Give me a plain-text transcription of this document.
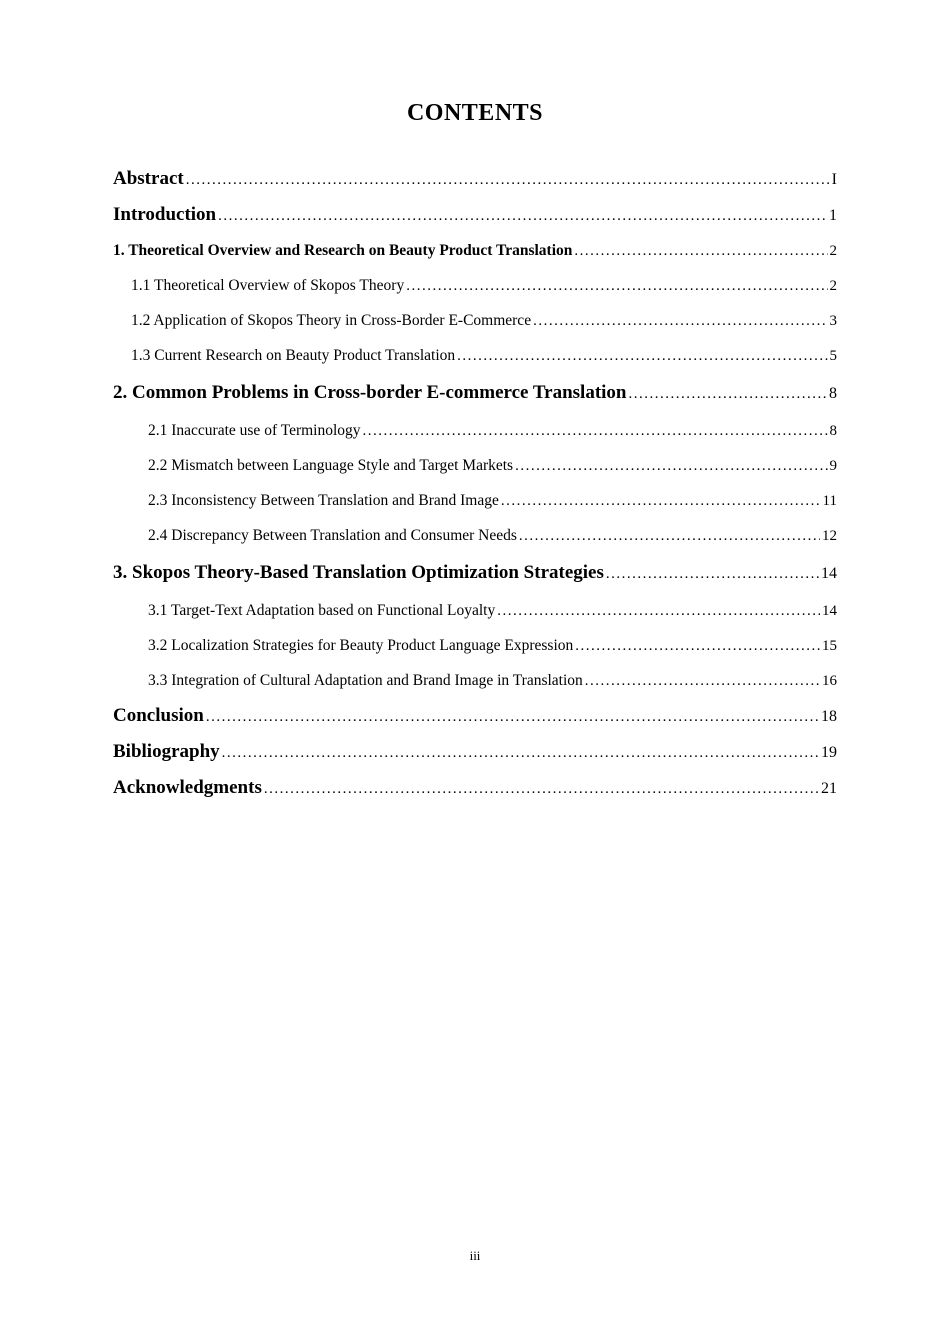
CONTENTS
Abstract .....	I
Introduction .....	1
1. Theoretical Overview and Research on Beauty Product Translation .....	2
1.1 Theoretical Overview of Skopos Theory .....	2
1.2 Application of Skopos Theory in Cross-Border E-Commerce .....	3
1.3 Current Research on Beauty Product Translation .....	5
2. Common Problems in Cross-border E-commerce Translation .....	8
2.1 Inaccurate use of Terminology .....	8
2.2 Mismatch between Language Style and Target Markets .....	9
2.3 Inconsistency Between Translation and Brand Image .....	11
2.4 Discrepancy Between Translation and Consumer Needs .....	12
3. Skopos Theory-Based Translation Optimization Strategies .....	14
3.1 Target-Text Adaptation based on Functional Loyalty .....	14
3.2 Localization Strategies for Beauty Product Language Expression .....	15
3.3 Integration of Cultural Adaptation and Brand Image in Translation .....	16
Conclusion .....	18
Bibliography .....	19
Acknowledgments .....	21
iii
